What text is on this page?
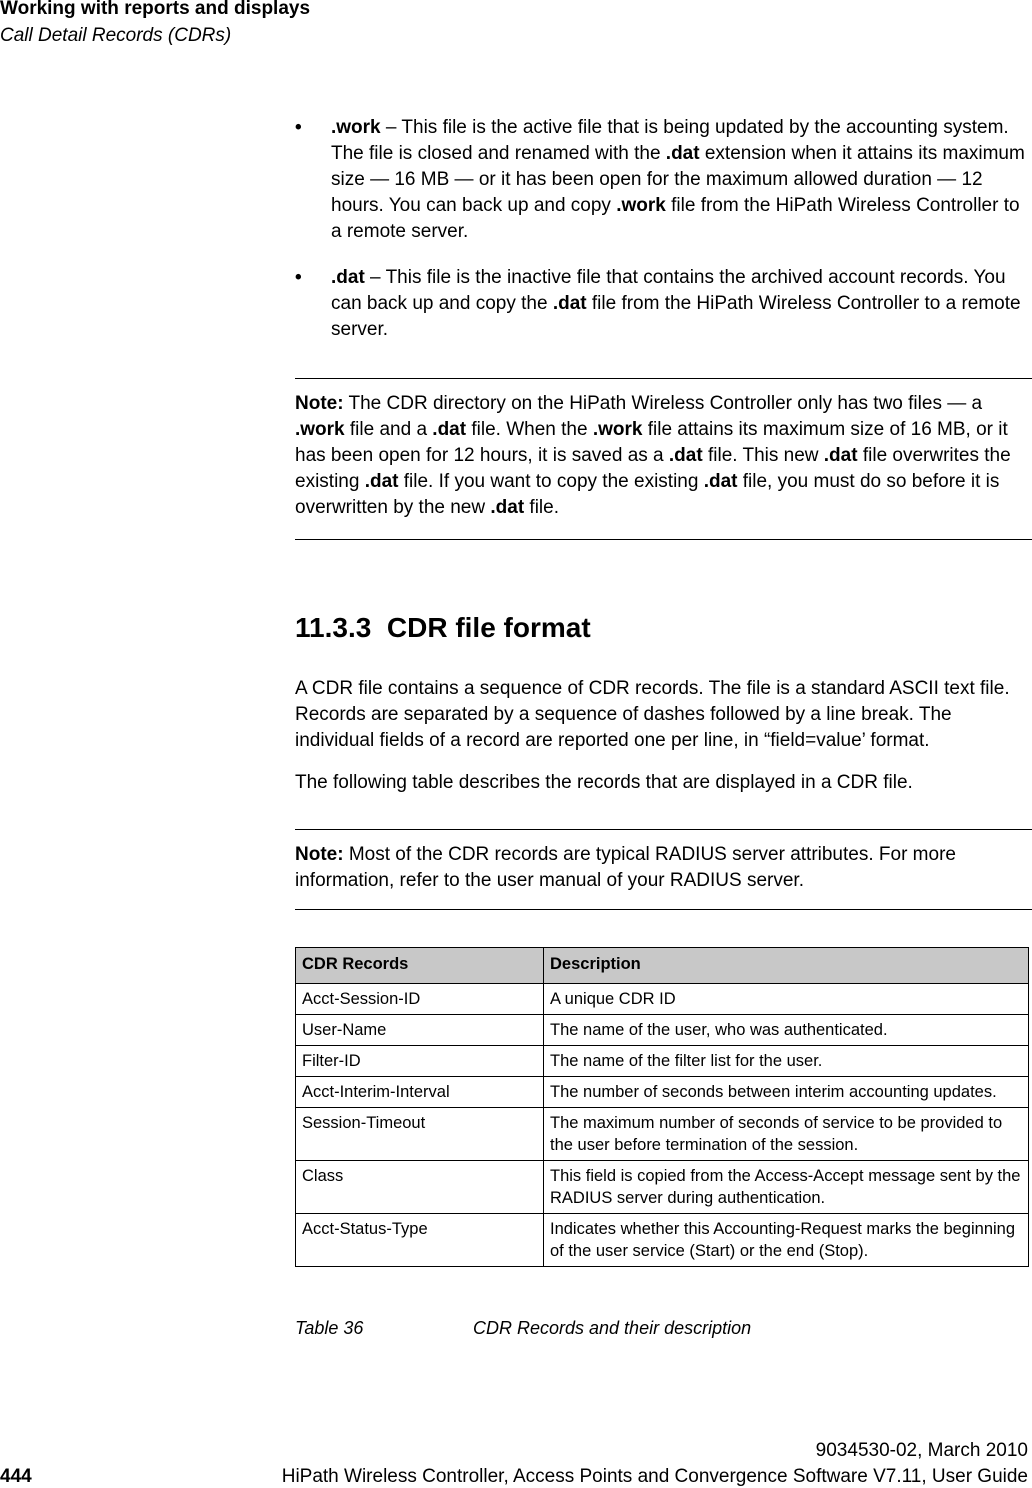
Working with reports and displays
Call Detail Records (CDRs)
• .work – This file is the active file that is being updated by the accounting system. The file is closed and renamed with the .dat extension when it attains its maximum size — 16 MB — or it has been open for the maximum allowed duration — 12 hours. You can back up and copy .work file from the HiPath Wireless Controller to a remote server.
• .dat – This file is the inactive file that contains the archived account records. You can back up and copy the .dat file from the HiPath Wireless Controller to a remote server.
Note: The CDR directory on the HiPath Wireless Controller only has two files — a .work file and a .dat file. When the .work file attains its maximum size of 16 MB, or it has been open for 12 hours, it is saved as a .dat file. This new .dat file overwrites the existing .dat file. If you want to copy the existing .dat file, you must do so before it is overwritten by the new .dat file.
11.3.3 CDR file format
A CDR file contains a sequence of CDR records. The file is a standard ASCII text file. Records are separated by a sequence of dashes followed by a line break. The individual fields of a record are reported one per line, in “field=value’ format.
The following table describes the records that are displayed in a CDR file.
Note: Most of the CDR records are typical RADIUS server attributes. For more information, refer to the user manual of your RADIUS server.
CDR Records	Description
Acct-Session-ID	A unique CDR ID
User-Name	The name of the user, who was authenticated.
Filter-ID	The name of the filter list for the user.
Acct-Interim-Interval	The number of seconds between interim accounting updates.
Session-Timeout	The maximum number of seconds of service to be provided to the user before termination of the session.
Class	This field is copied from the Access-Accept message sent by the RADIUS server during authentication.
Acct-Status-Type	Indicates whether this Accounting-Request marks the beginning of the user service (Start) or the end (Stop).
Table 36	CDR Records and their description
9034530-02, March 2010
444	HiPath Wireless Controller, Access Points and Convergence Software V7.11, User Guide
